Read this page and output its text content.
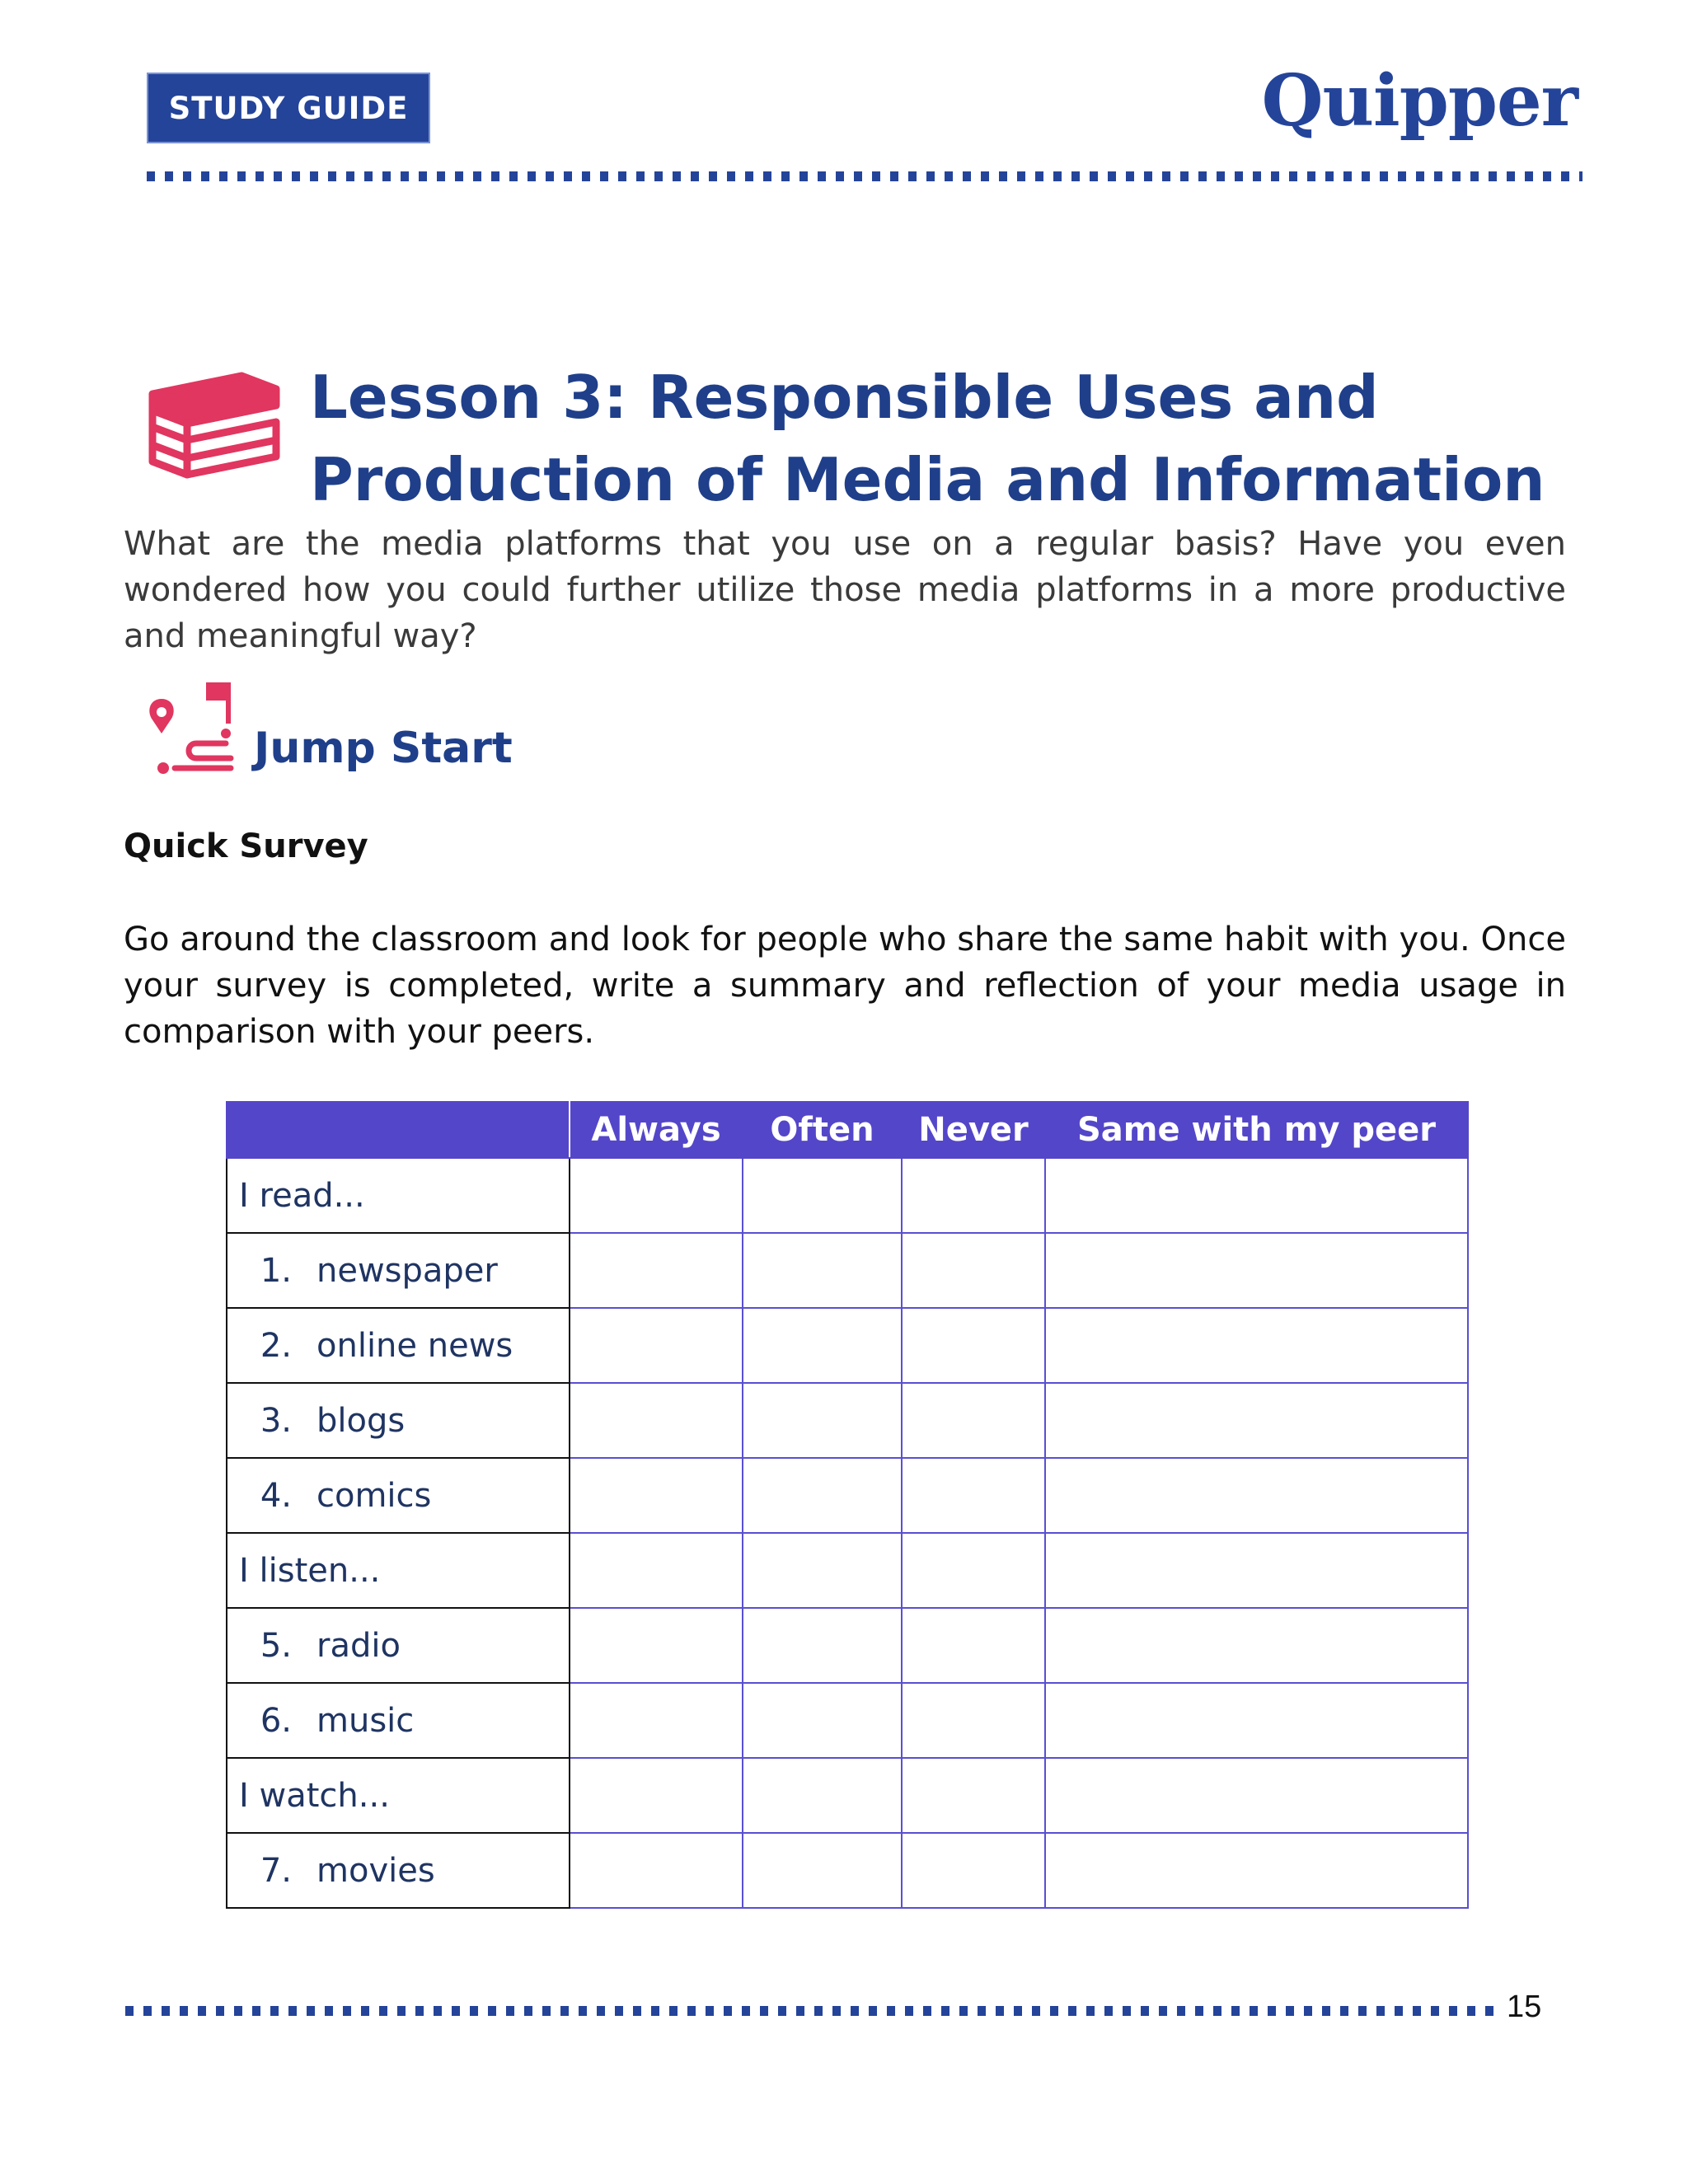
STUDY GUIDE	Quipper
Lesson 3: Responsible Uses and Production of Media and Information

What are the media platforms that you use on a regular basis? Have you even wondered how you could further utilize those media platforms in a more productive and meaningful way?

Jump Start
Quick Survey

Go around the classroom and look for people who share the same habit with you. Once your survey is completed, write a summary and reflection of your media usage in comparison with your peers.

	Always	Often	Never	Same with my peer
I read...				
1. newspaper				
2. online news				
3. blogs				
4. comics				
I listen...				
5. radio				
6. music				
I watch...				
7. movies				
15
